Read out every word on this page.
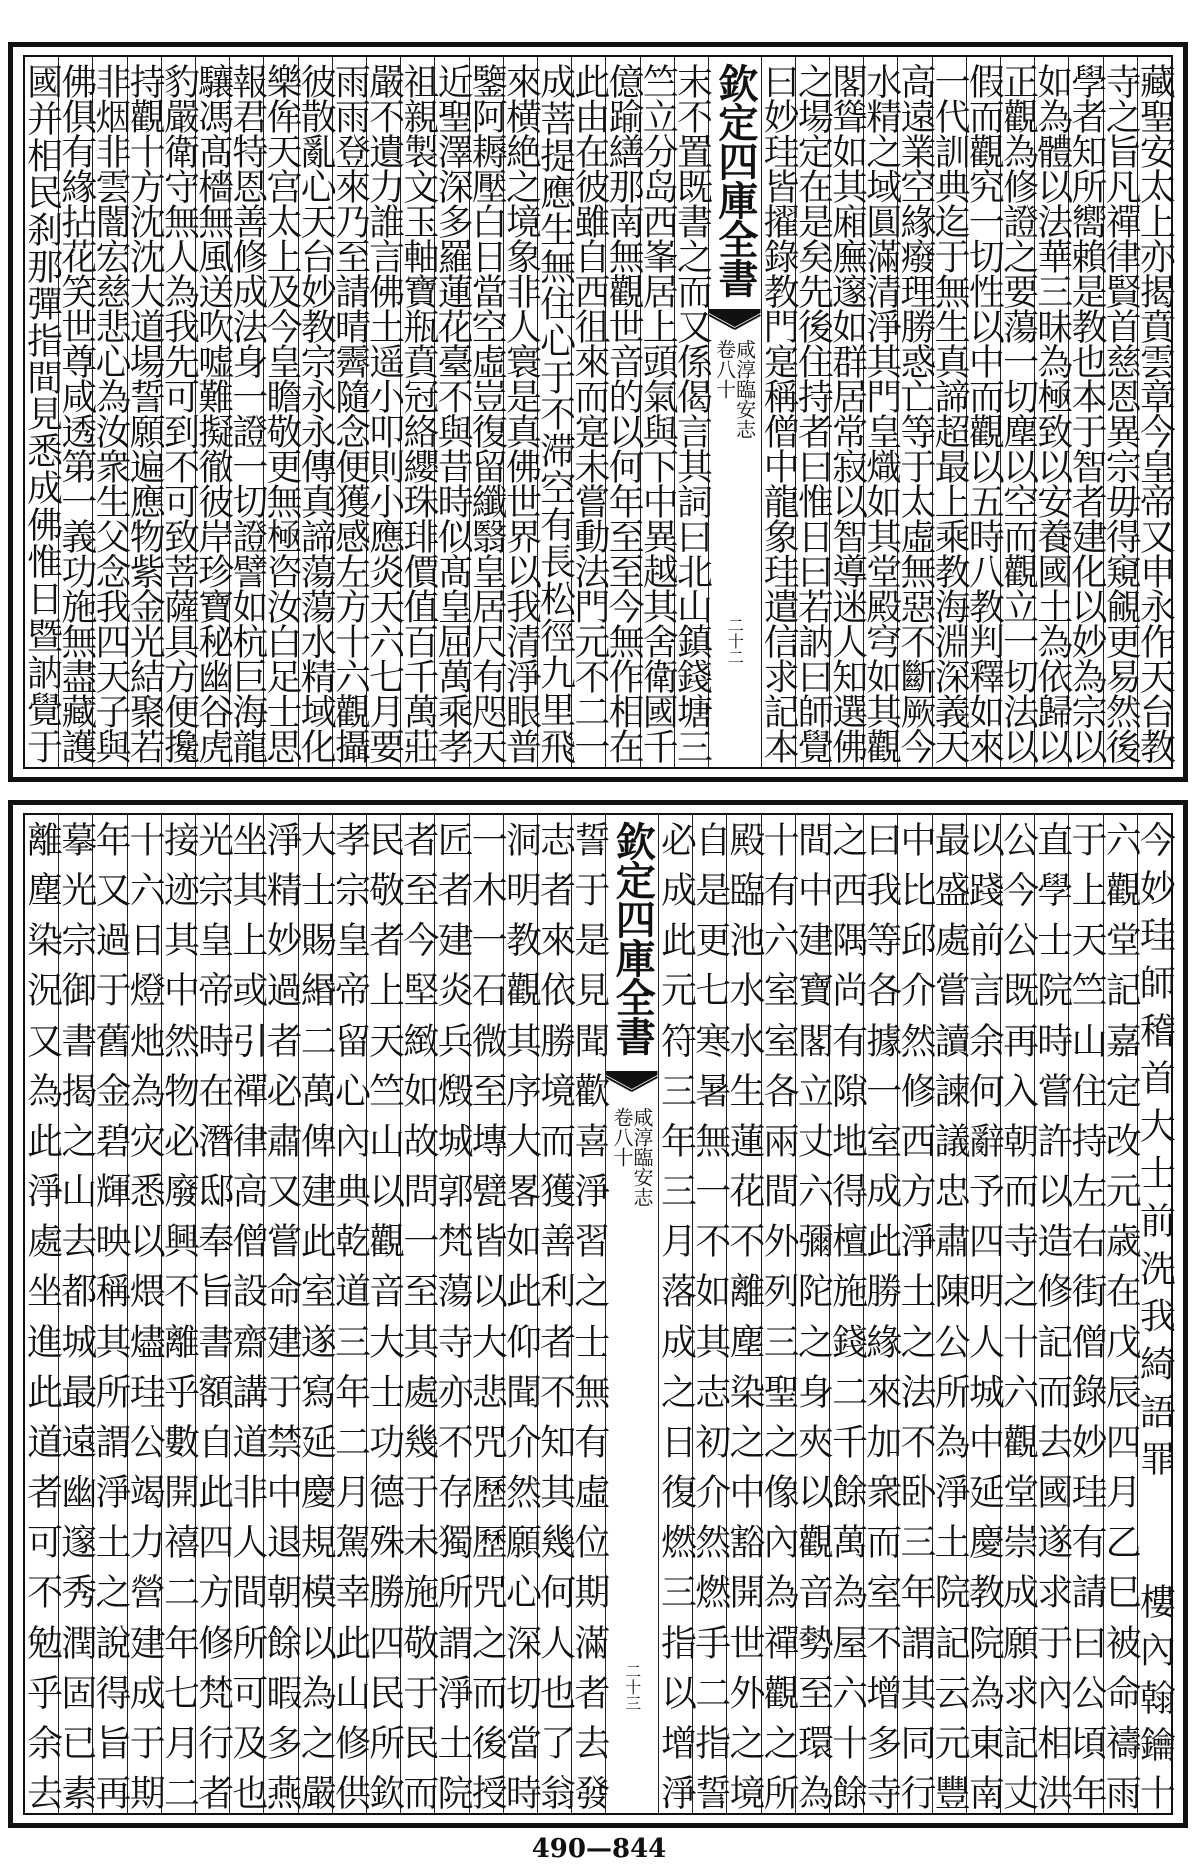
藏
聖
安
太
上
亦
揭
賁
雲
章
今
皇
帝
又
申
永
作
天
台
教
寺
之
旨
凡
禪
律
賢
首
慈
恩
異
宗
毋
得
窺
覦
更
易
然
後
學
者
知
所
嚮
賴
是
教
也
本
于
智
者
建
化
以
妙
為
宗
以
如
為
體
以
法
華
三
昧
為
極
致
以
安
養
國
土
為
依
歸
以
正
觀
為
修
證
之
要
蕩
一
切
塵
以
空
而
觀
立
一
切
法
以
假
而
觀
究
一
切
性
以
中
而
觀
以
五
時
八
教
判
釋
如
來
一
代
訓
典
迄
于
無
生
真
諦
超
最
上
乘
教
海
淵
深
義
天
高
遠
業
空
緣
癈
理
勝
惑
亡
等
于
太
虛
無
惡
不
斷
厥
今
水
精
之
域
圓
滿
清
淨
其
門
皇
熾
如
其
堂
殿
穹
如
其
觀
閣
聳
如
其
廂
廡
邃
如
群
居
常
寂
以
智
導
迷
人
知
選
佛
之
場
定
在
是
矣
先
後
住
持
者
曰
惟
日
曰
若
訥
曰
師
覺
曰
妙
珪
皆
擢
錄
教
門
寔
稱
僧
中
龍
象
珪
遣
信
求
記
本
欽定四庫全書
卷八十
咸淳臨安志
二十二
末
不
置
既
書
之
而
又
係
偈
言
其
詞
曰
北
山
鎮
錢
塘
三
竺
立
分
岛
西
峯
居
上
頭
氣
與
下
中
異
越
其
舍
衛
國
千
億
踰
繕
那
南
無
觀
世
音
的
以
何
年
至
至
今
無
作
相
在
此
由
在
彼
雖
自
西
徂
來
而
寔
未
嘗
動
法
門
元
不
二
一
成
菩
提
應
生
無
住
心
于
不
滞
空
有
長
松
徑
九
里
飛
來
横
絶
之
境
象
非
人
寰
是
真
佛
世
界
以
我
清
淨
眼
普
鑒
阿
耨
壓
白
日
當
空
虛
豈
復
留
纖
翳
皇
居
尺
有
咫
天
近
聖
澤
深
多
羅
蓮
花
臺
不
與
昔
時
似
髙
皇
屈
萬
乘
孝
祖
親
製
文
玉
軸
寶
瓶
賁
冠
絡
纓
珠
琲
價
值
百
千
萬
莊
嚴
不
遺
力
誰
言
佛
土
遥
小
叩
則
小
應
炎
天
六
七
月
要
雨
雨
登
來
乃
至
請
晴
霽
隨
念
便
獲
感
左
方
十
六
觀
攝
彼
散
亂
心
天
台
妙
教
宗
永
永
傳
真
諦
蕩
蕩
水
精
域
化
樂
侔
天
宫
太
上
及
今
皇
瞻
敬
更
無
極
咨
汝
白
足
士
思
報
君
特
恩
善
修
成
法
身
一
證
一
切
證
譬
如
杭
巨
海
龍
驤
馮
髙
檣
無
風
送
吹
嘘
難
擬
徹
彼
岸
珍
寶
秘
幽
谷
虎
豹
嚴
衛
守
無
人
為
我
先
可
到
不
可
致
菩
薩
具
方
便
攙
持
觀
十
方
沈
沈
大
道
場
誓
願
遍
應
物
紫
金
光
結
聚
若
非
烟
非
雲
闇
宏
慈
悲
心
為
汝
衆
生
父
念
我
四
天
子
與
佛
俱
有
緣
拈
花
笑
世
尊
咸
透
第
一
義
功
施
無
盡
藏
護
國
并
相
民
刹
那
彈
指
間
見
悉
成
佛
惟
日
暨
訥
覺
于
今
妙
珪
師
稽
首
大
士
前
洗
我
綺
語
罪

樓
內
翰
鑰
十
六
觀
堂
記
嘉
定
改
元
歳
在
戊
辰
四
月
乙
巳
被
命
禱
雨
于
上
天
竺
山
住
持
左
右
街
僧
錄
妙
珪
有
請
曰
公
頃
年
直
學
士
院
時
嘗
許
以
造
修
記
而
去
國
遂
求
于
內
相
洪
公
今
公
既
再
入
朝
而
寺
之
十
六
觀
堂
崇
成
願
求
記
丈
以
踐
前
言
余
何
辭
予
四
明
人
城
中
延
慶
教
院
為
東
南
最
盛
處
嘗
讀
諫
議
忠
肅
陳
公
所
為
淨
土
院
記
云
元
豐
中
比
邱
介
然
修
西
方
淨
土
之
法
不
卧
三
年
謂
其
同
行
曰
我
等
各
據
一
室
成
此
勝
緣
來
加
衆
而
室
不
增
多
寺
之
西
隅
尚
有
隙
地
得
檀
施
錢
二
千
餘
萬
為
屋
六
十
餘
間
中
建
寶
閣
立
丈
六
彌
陀
之
身
夾
以
觀
音
勢
至
環
為
十
有
六
室
室
各
兩
間
外
列
三
聖
之
像
內
為
禪
觀
之
所
殿
臨
池
水
水
生
蓮
花
不
離
塵
染
之
中
豁
開
世
外
之
境
自
是
更
七
寒
暑
無
一
不
如
其
志
初
介
然
燃
手
二
指
誓
必
成
此
元
符
三
年
三
月
落
成
之
日
復
燃
三
指
以
增
淨
欽定四庫全書
卷八十
咸淳臨安志
二十三
誓
于
是
見
聞
歡
喜
淨
習
之
士
無
有
虛
位
期
滿
者
去
發
志
者
來
依
勝
境
而
獲
善
利
者
不
知
其
幾
何
人
也
了
翁
洞
明
教
觀
其
序
大
畧
如
此
仰
聞
介
然
願
心
深
切
當
時
一
木
一
石
微
至
塼
甓
皆
以
大
悲
咒
歷
歷
咒
之
而
後
授
匠
者
建
炎
兵
燬
城
郭
梵
蕩
寺
亦
不
存
獨
所
謂
淨
土
院
者
至
今
堅
緻
如
故
問
一
至
其
處
幾
于
未
施
敬
于
民
而
民
敬
者
上
天
竺
山
以
觀
音
大
士
功
德
殊
勝
四
民
所
欽
孝
宗
皇
帝
留
心
內
典
乾
道
三
年
二
月
駕
幸
此
山
修
供
大
士
賜
緡
二
萬
俾
建
此
室
遂
寫
延
慶
規
模
以
為
之
嚴
淨
精
妙
過
者
必
肅
又
嘗
命
建
于
禁
中
退
朝
餘
暇
多
燕
坐
其
上
或
引
禪
律
高
僧
設
齋
講
道
非
人
間
所
可
及
也
光
宗
皇
帝
時
在
潛
邸
奉
旨
書
額
自
此
四
方
修
梵
行
者
接
迹
其
中
然
物
必
廢
興
不
離
乎
數
開
禧
二
年
七
月
二
十
六
日
燈
灺
為
灾
悉
以
煨
燼
珪
公
竭
力
營
建
成
于
期
年
又
過
于
舊
金
碧
輝
映
稱
其
所
謂
淨
土
之
說
得
旨
再
摹
光
宗
御
書
揭
之
山
去
都
城
最
遠
幽
邃
秀
潤
固
已
素
離
塵
染
況
又
為
此
淨
處
坐
進
此
道
者
可
不
勉
乎
余
去
490—844
